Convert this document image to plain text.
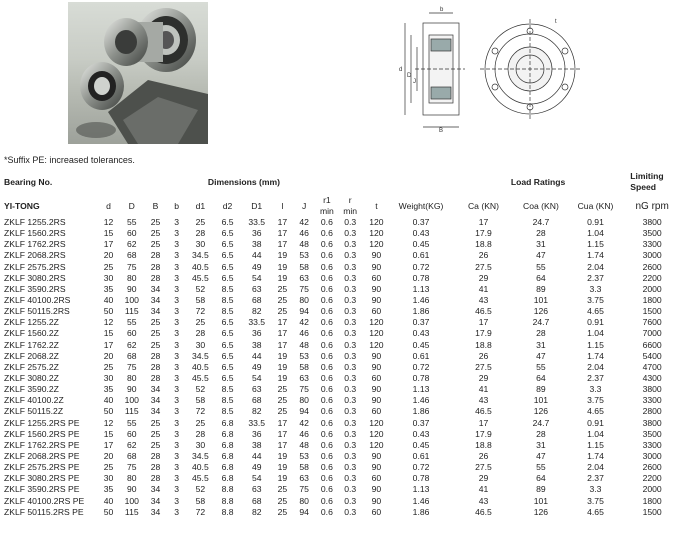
d
D
J
B
b
t
*Suffix PE: increased tolerances.
Bearing No.	Dimensions (mm)													Load Ratings			Limiting
Speed
YI-TONG	d	D	B	b	d1	d2	D1	l	J	r1
min	r
min	t	Weight(KG)	Ca (KN)	Coa (KN)	Cua (KN)	nG rpm
ZKLF 1255.2RS	12	55	25	3	25	6.5	33.5	17	42	0.6	0.3	120	0.37	17	24.7	0.91	3800
ZKLF 1560.2RS	15	60	25	3	28	6.5	36	17	46	0.6	0.3	120	0.43	17.9	28	1.04	3500
ZKLF 1762.2RS	17	62	25	3	30	6.5	38	17	48	0.6	0.3	120	0.45	18.8	31	1.15	3300
ZKLF 2068.2RS	20	68	28	3	34.5	6.5	44	19	53	0.6	0.3	90	0.61	26	47	1.74	3000
ZKLF 2575.2RS	25	75	28	3	40.5	6.5	49	19	58	0.6	0.3	90	0.72	27.5	55	2.04	2600
ZKLF 3080.2RS	30	80	28	3	45.5	6.5	54	19	63	0.6	0.3	60	0.78	29	64	2.37	2200
ZKLF 3590.2RS	35	90	34	3	52	8.5	63	25	75	0.6	0.3	90	1.13	41	89	3.3	2000
ZKLF 40100.2RS	40	100	34	3	58	8.5	68	25	80	0.6	0.3	90	1.46	43	101	3.75	1800
ZKLF 50115.2RS	50	115	34	3	72	8.5	82	25	94	0.6	0.3	60	1.86	46.5	126	4.65	1500
ZKLF 1255.2Z	12	55	25	3	25	6.5	33.5	17	42	0.6	0.3	120	0.37	17	24.7	0.91	7600
ZKLF 1560.2Z	15	60	25	3	28	6.5	36	17	46	0.6	0.3	120	0.43	17.9	28	1.04	7000
ZKLF 1762.2Z	17	62	25	3	30	6.5	38	17	48	0.6	0.3	120	0.45	18.8	31	1.15	6600
ZKLF 2068.2Z	20	68	28	3	34.5	6.5	44	19	53	0.6	0.3	90	0.61	26	47	1.74	5400
ZKLF 2575.2Z	25	75	28	3	40.5	6.5	49	19	58	0.6	0.3	90	0.72	27.5	55	2.04	4700
ZKLF 3080.2Z	30	80	28	3	45.5	6.5	54	19	63	0.6	0.3	60	0.78	29	64	2.37	4300
ZKLF 3590.2Z	35	90	34	3	52	8.5	63	25	75	0.6	0.3	90	1.13	41	89	3.3	3800
ZKLF 40100.2Z	40	100	34	3	58	8.5	68	25	80	0.6	0.3	90	1.46	43	101	3.75	3300
ZKLF 50115.2Z	50	115	34	3	72	8.5	82	25	94	0.6	0.3	60	1.86	46.5	126	4.65	2800
ZKLF 1255.2RS PE	12	55	25	3	25	6.8	33.5	17	42	0.6	0.3	120	0.37	17	24.7	0.91	3800
ZKLF 1560.2RS PE	15	60	25	3	28	6.8	36	17	46	0.6	0.3	120	0.43	17.9	28	1.04	3500
ZKLF 1762.2RS PE	17	62	25	3	30	6.8	38	17	48	0.6	0.3	120	0.45	18.8	31	1.15	3300
ZKLF 2068.2RS PE	20	68	28	3	34.5	6.8	44	19	53	0.6	0.3	90	0.61	26	47	1.74	3000
ZKLF 2575.2RS PE	25	75	28	3	40.5	6.8	49	19	58	0.6	0.3	90	0.72	27.5	55	2.04	2600
ZKLF 3080.2RS PE	30	80	28	3	45.5	6.8	54	19	63	0.6	0.3	60	0.78	29	64	2.37	2200
ZKLF 3590.2RS PE	35	90	34	3	52	8.8	63	25	75	0.6	0.3	90	1.13	41	89	3.3	2000
ZKLF 40100.2RS PE	40	100	34	3	58	8.8	68	25	80	0.6	0.3	90	1.46	43	101	3.75	1800
ZKLF 50115.2RS PE	50	115	34	3	72	8.8	82	25	94	0.6	0.3	60	1.86	46.5	126	4.65	1500
